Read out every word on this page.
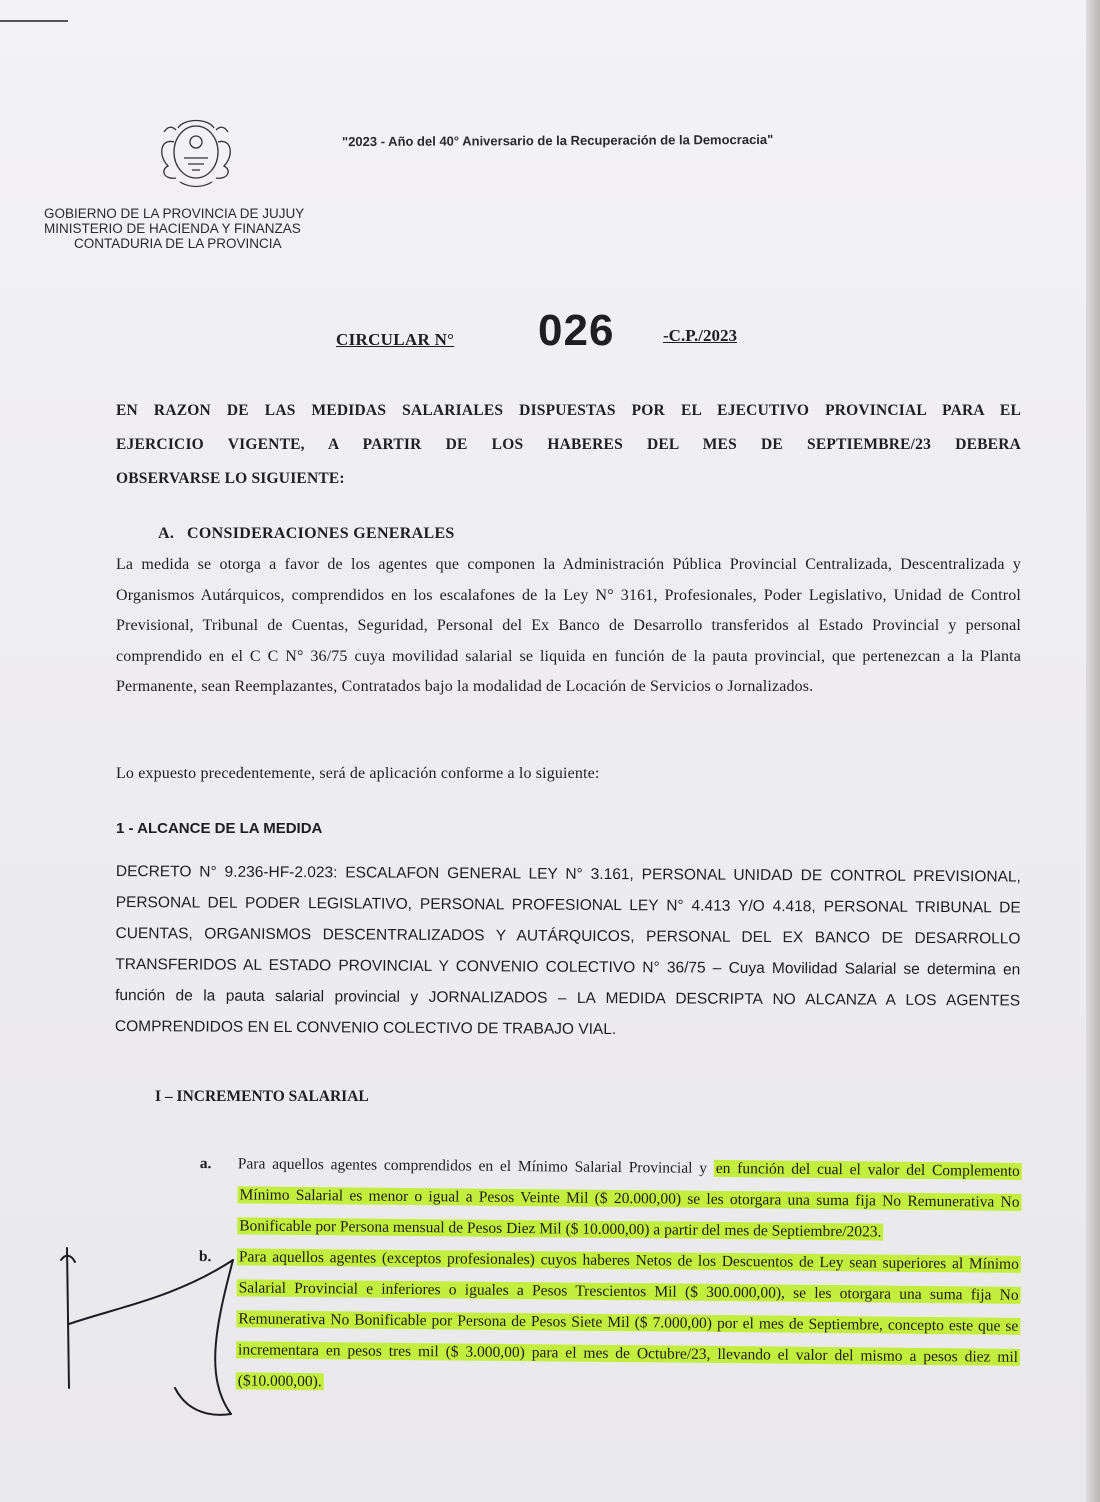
"2023 - Año del 40° Aniversario de la Recuperación de la Democracia"
GOBIERNO DE LA PROVINCIA DE JUJUY
MINISTERIO DE HACIENDA Y FINANZAS
CONTADURIA DE LA PROVINCIA
CIRCULAR N° 026	-C.P./2023
EN RAZON DE LAS MEDIDAS SALARIALES DISPUESTAS POR EL EJECUTIVO PROVINCIAL PARA EL
EJERCICIO VIGENTE, A PARTIR DE LOS HABERES DEL MES DE SEPTIEMBRE/23 DEBERA
OBSERVARSE LO SIGUIENTE:
A.   CONSIDERACIONES GENERALES
La medida se otorga a favor de los agentes que componen la Administración Pública Provincial Centralizada, Descentralizada y Organismos Autárquicos, comprendidos en los escalafones de la Ley N° 3161, Profesionales, Poder Legislativo, Unidad de Control Previsional, Tribunal de Cuentas, Seguridad, Personal del Ex Banco de Desarrollo transferidos al Estado Provincial y personal comprendido en el C C N° 36/75 cuya movilidad salarial se liquida en función de la pauta provincial, que pertenezcan a la Planta Permanente, sean Reemplazantes, Contratados bajo la modalidad de Locación de Servicios o Jornalizados.
Lo expuesto precedentemente, será de aplicación conforme a lo siguiente:
1 - ALCANCE DE LA MEDIDA
DECRETO N° 9.236-HF-2.023: ESCALAFON GENERAL LEY N° 3.161, PERSONAL UNIDAD DE CONTROL PREVISIONAL, PERSONAL DEL PODER LEGISLATIVO, PERSONAL PROFESIONAL LEY N° 4.413 Y/O 4.418, PERSONAL TRIBUNAL DE CUENTAS, ORGANISMOS DESCENTRALIZADOS Y AUTÁRQUICOS, PERSONAL DEL EX BANCO DE DESARROLLO TRANSFERIDOS AL ESTADO PROVINCIAL Y CONVENIO COLECTIVO N° 36/75 – Cuya Movilidad Salarial se determina en función de la pauta salarial provincial y JORNALIZADOS – LA MEDIDA DESCRIPTA NO ALCANZA A LOS AGENTES COMPRENDIDOS EN EL CONVENIO COLECTIVO DE TRABAJO VIAL.
I – INCREMENTO SALARIAL
a. Para aquellos agentes comprendidos en el Mínimo Salarial Provincial y en función del cual el valor del Complemento Mínimo Salarial es menor o igual a Pesos Veinte Mil ($ 20.000,00) se les otorgara una suma fija No Remunerativa No Bonificable por Persona mensual de Pesos Diez Mil ($ 10.000,00) a partir del mes de Septiembre/2023.
b. Para aquellos agentes (exceptos profesionales) cuyos haberes Netos de los Descuentos de Ley sean superiores al Mínimo Salarial Provincial e inferiores o iguales a Pesos Trescientos Mil ($ 300.000,00), se les otorgara una suma fija No Remunerativa No Bonificable por Persona de Pesos Siete Mil ($ 7.000,00) por el mes de Septiembre, concepto este que se incrementara en pesos tres mil ($ 3.000,00) para el mes de Octubre/23, llevando el valor del mismo a pesos diez mil ($10.000,00).
